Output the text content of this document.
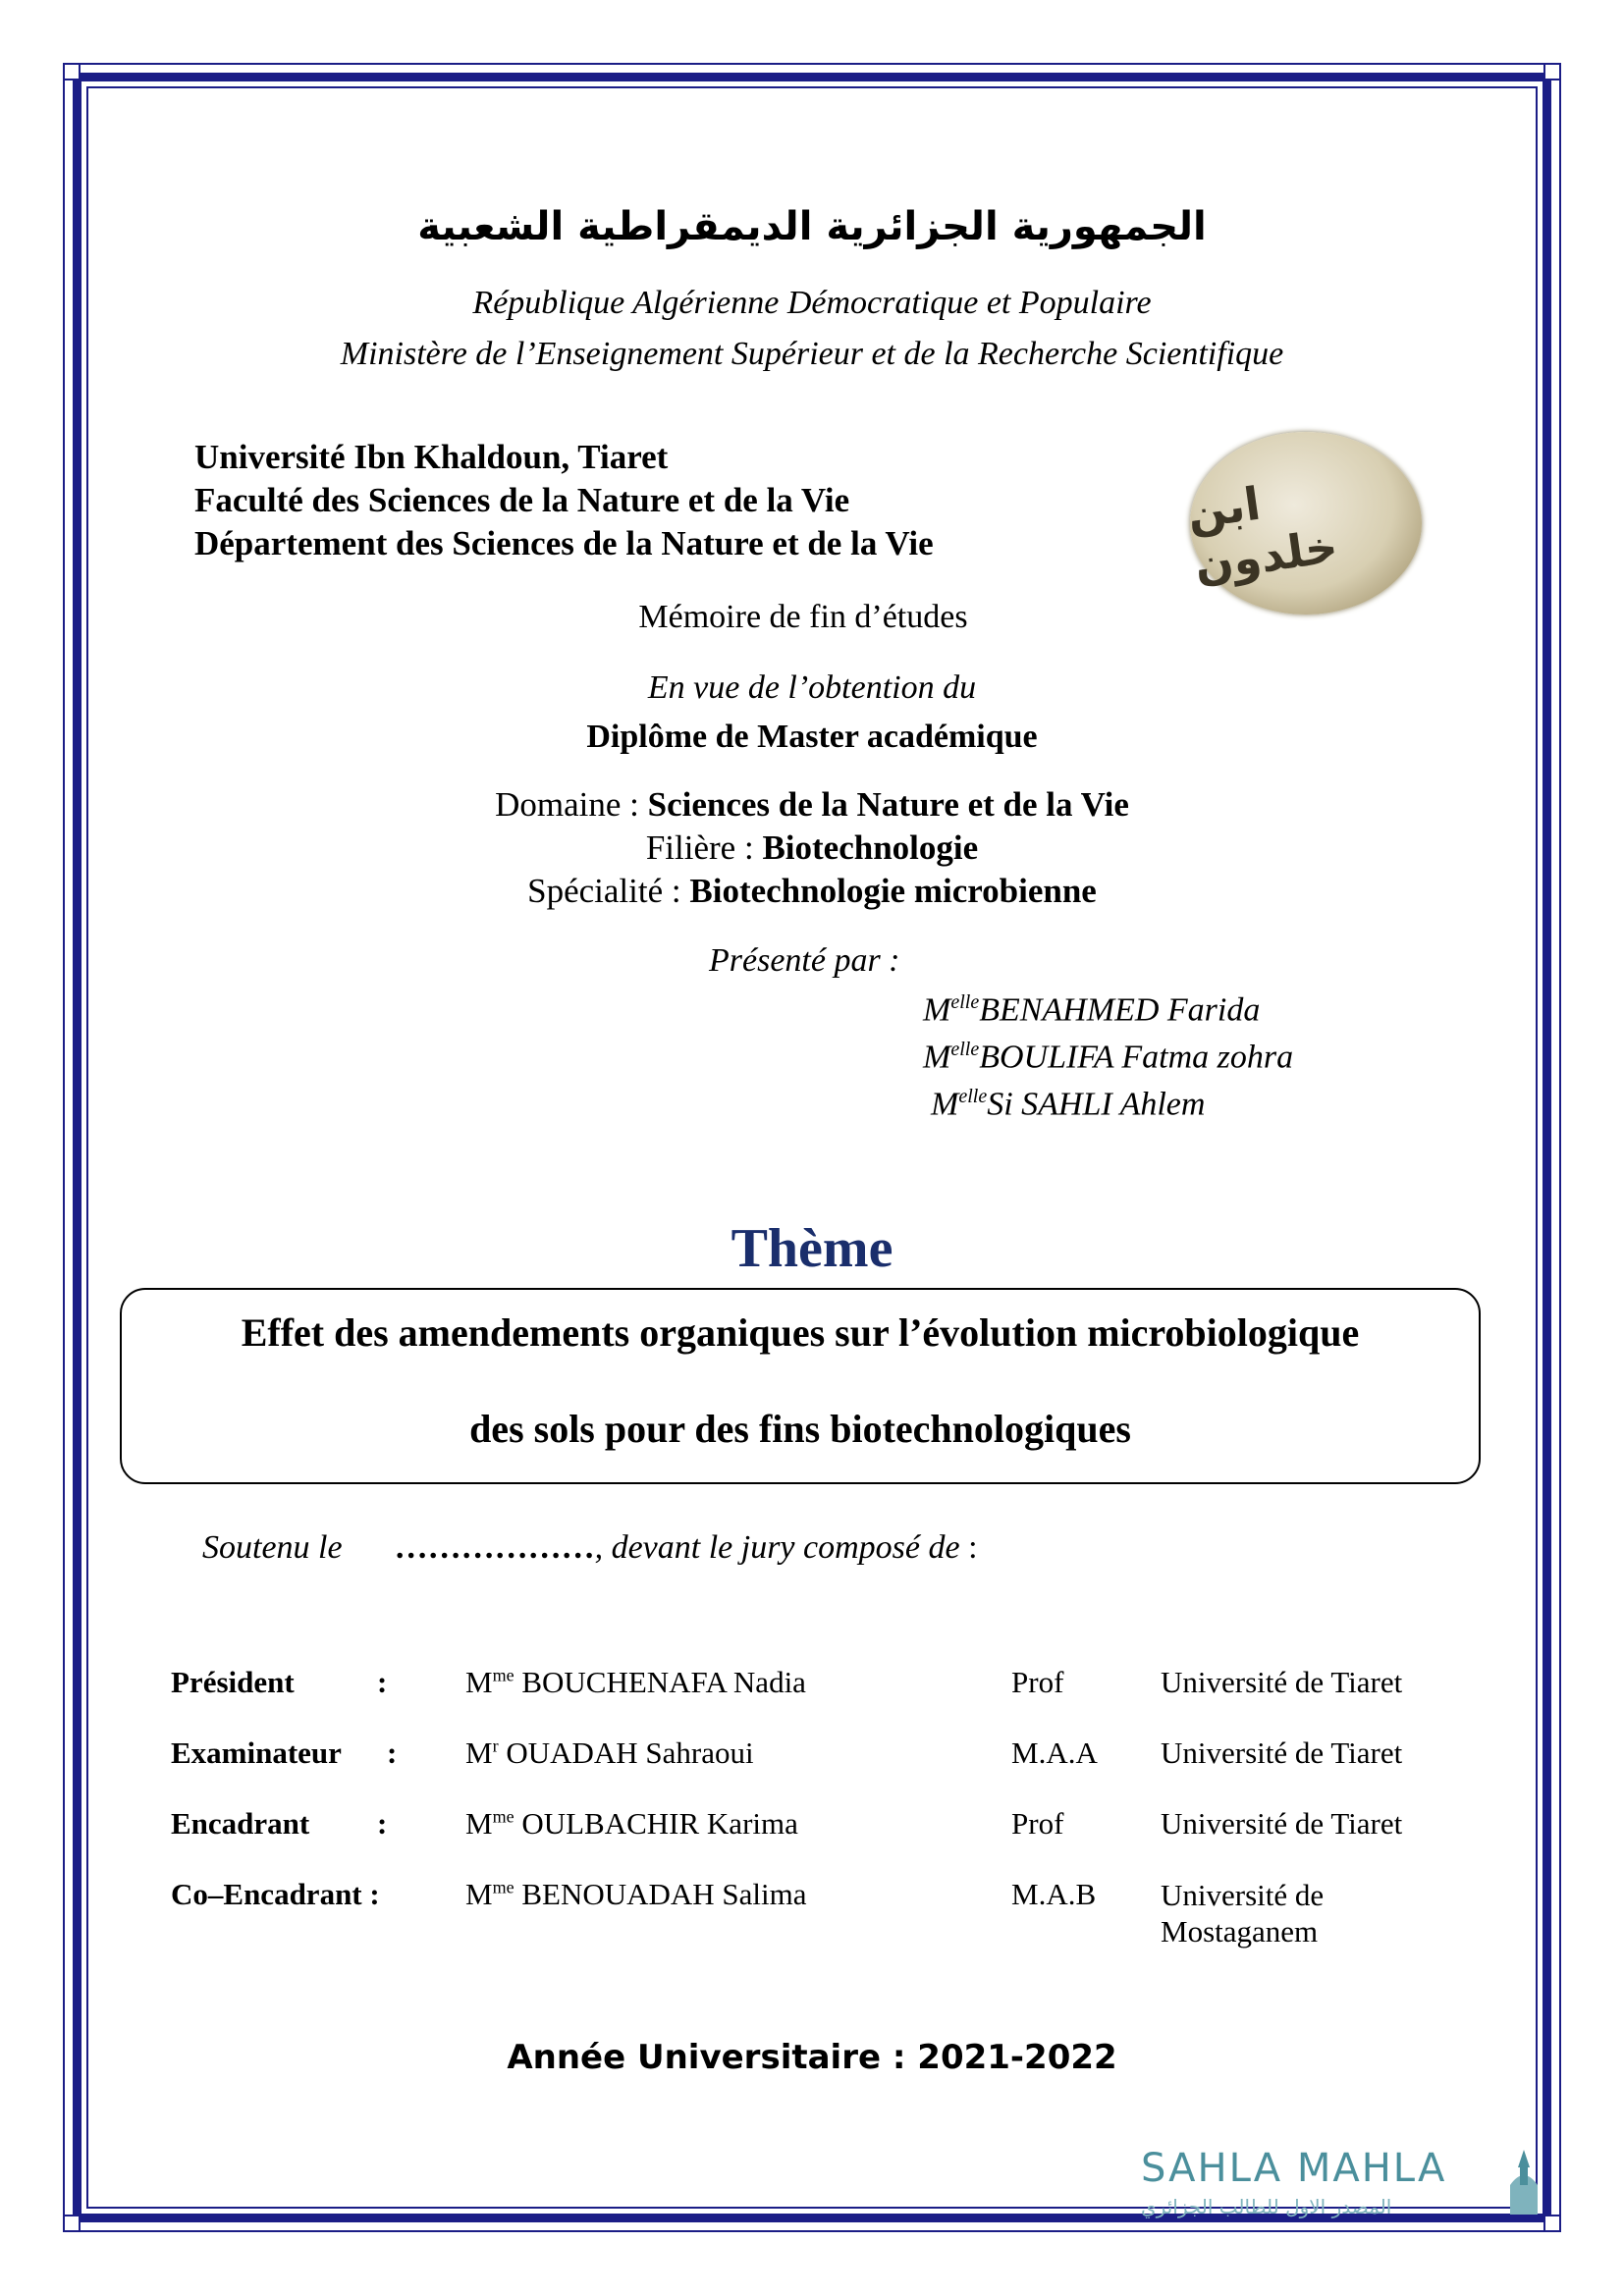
الجمهورية الجزائرية الديمقراطية الشعبية
République Algérienne Démocratique et Populaire
Ministère de l’Enseignement Supérieur et de la Recherche Scientifique
Université Ibn Khaldoun, Tiaret
Faculté des Sciences de la Nature et de la Vie
Département des Sciences de la Nature et de la Vie
ابن خلدون
Mémoire de fin d’études
En vue de l’obtention du
Diplôme de Master académique
Domaine : Sciences de la Nature et de la Vie
Filière : Biotechnologie
Spécialité : Biotechnologie microbienne
Présenté par :
$M^{elle}BENAHMED$ Farida
$M^{elle}BOULIFA$ Fatma zohra
$M^{elle}Si$ SAHLI Ahlem
Thème
Effet des amendements organiques sur l’évolution microbiologique
des sols pour des fins biotechnologiques
Soutenu le ………………, devant le jury composé de :
Président	:	$M^{me}$ BOUCHENAFA Nadia	Prof	Université de Tiaret
Examinateur : $M^r$ OUADAH Sahraoui	M.A.A Université de Tiaret
Encadrant :	$M^{me}$ OULBACHIR Karima	Prof	Université de Tiaret
Co–Encadrant :	$M^{me}$ BENOUADAH Salima	M.A.B Université de Mostaganem
Année Universitaire : 2021-2022
SAHLA MAHLA
المصدر الاول للطالب الجزائري
